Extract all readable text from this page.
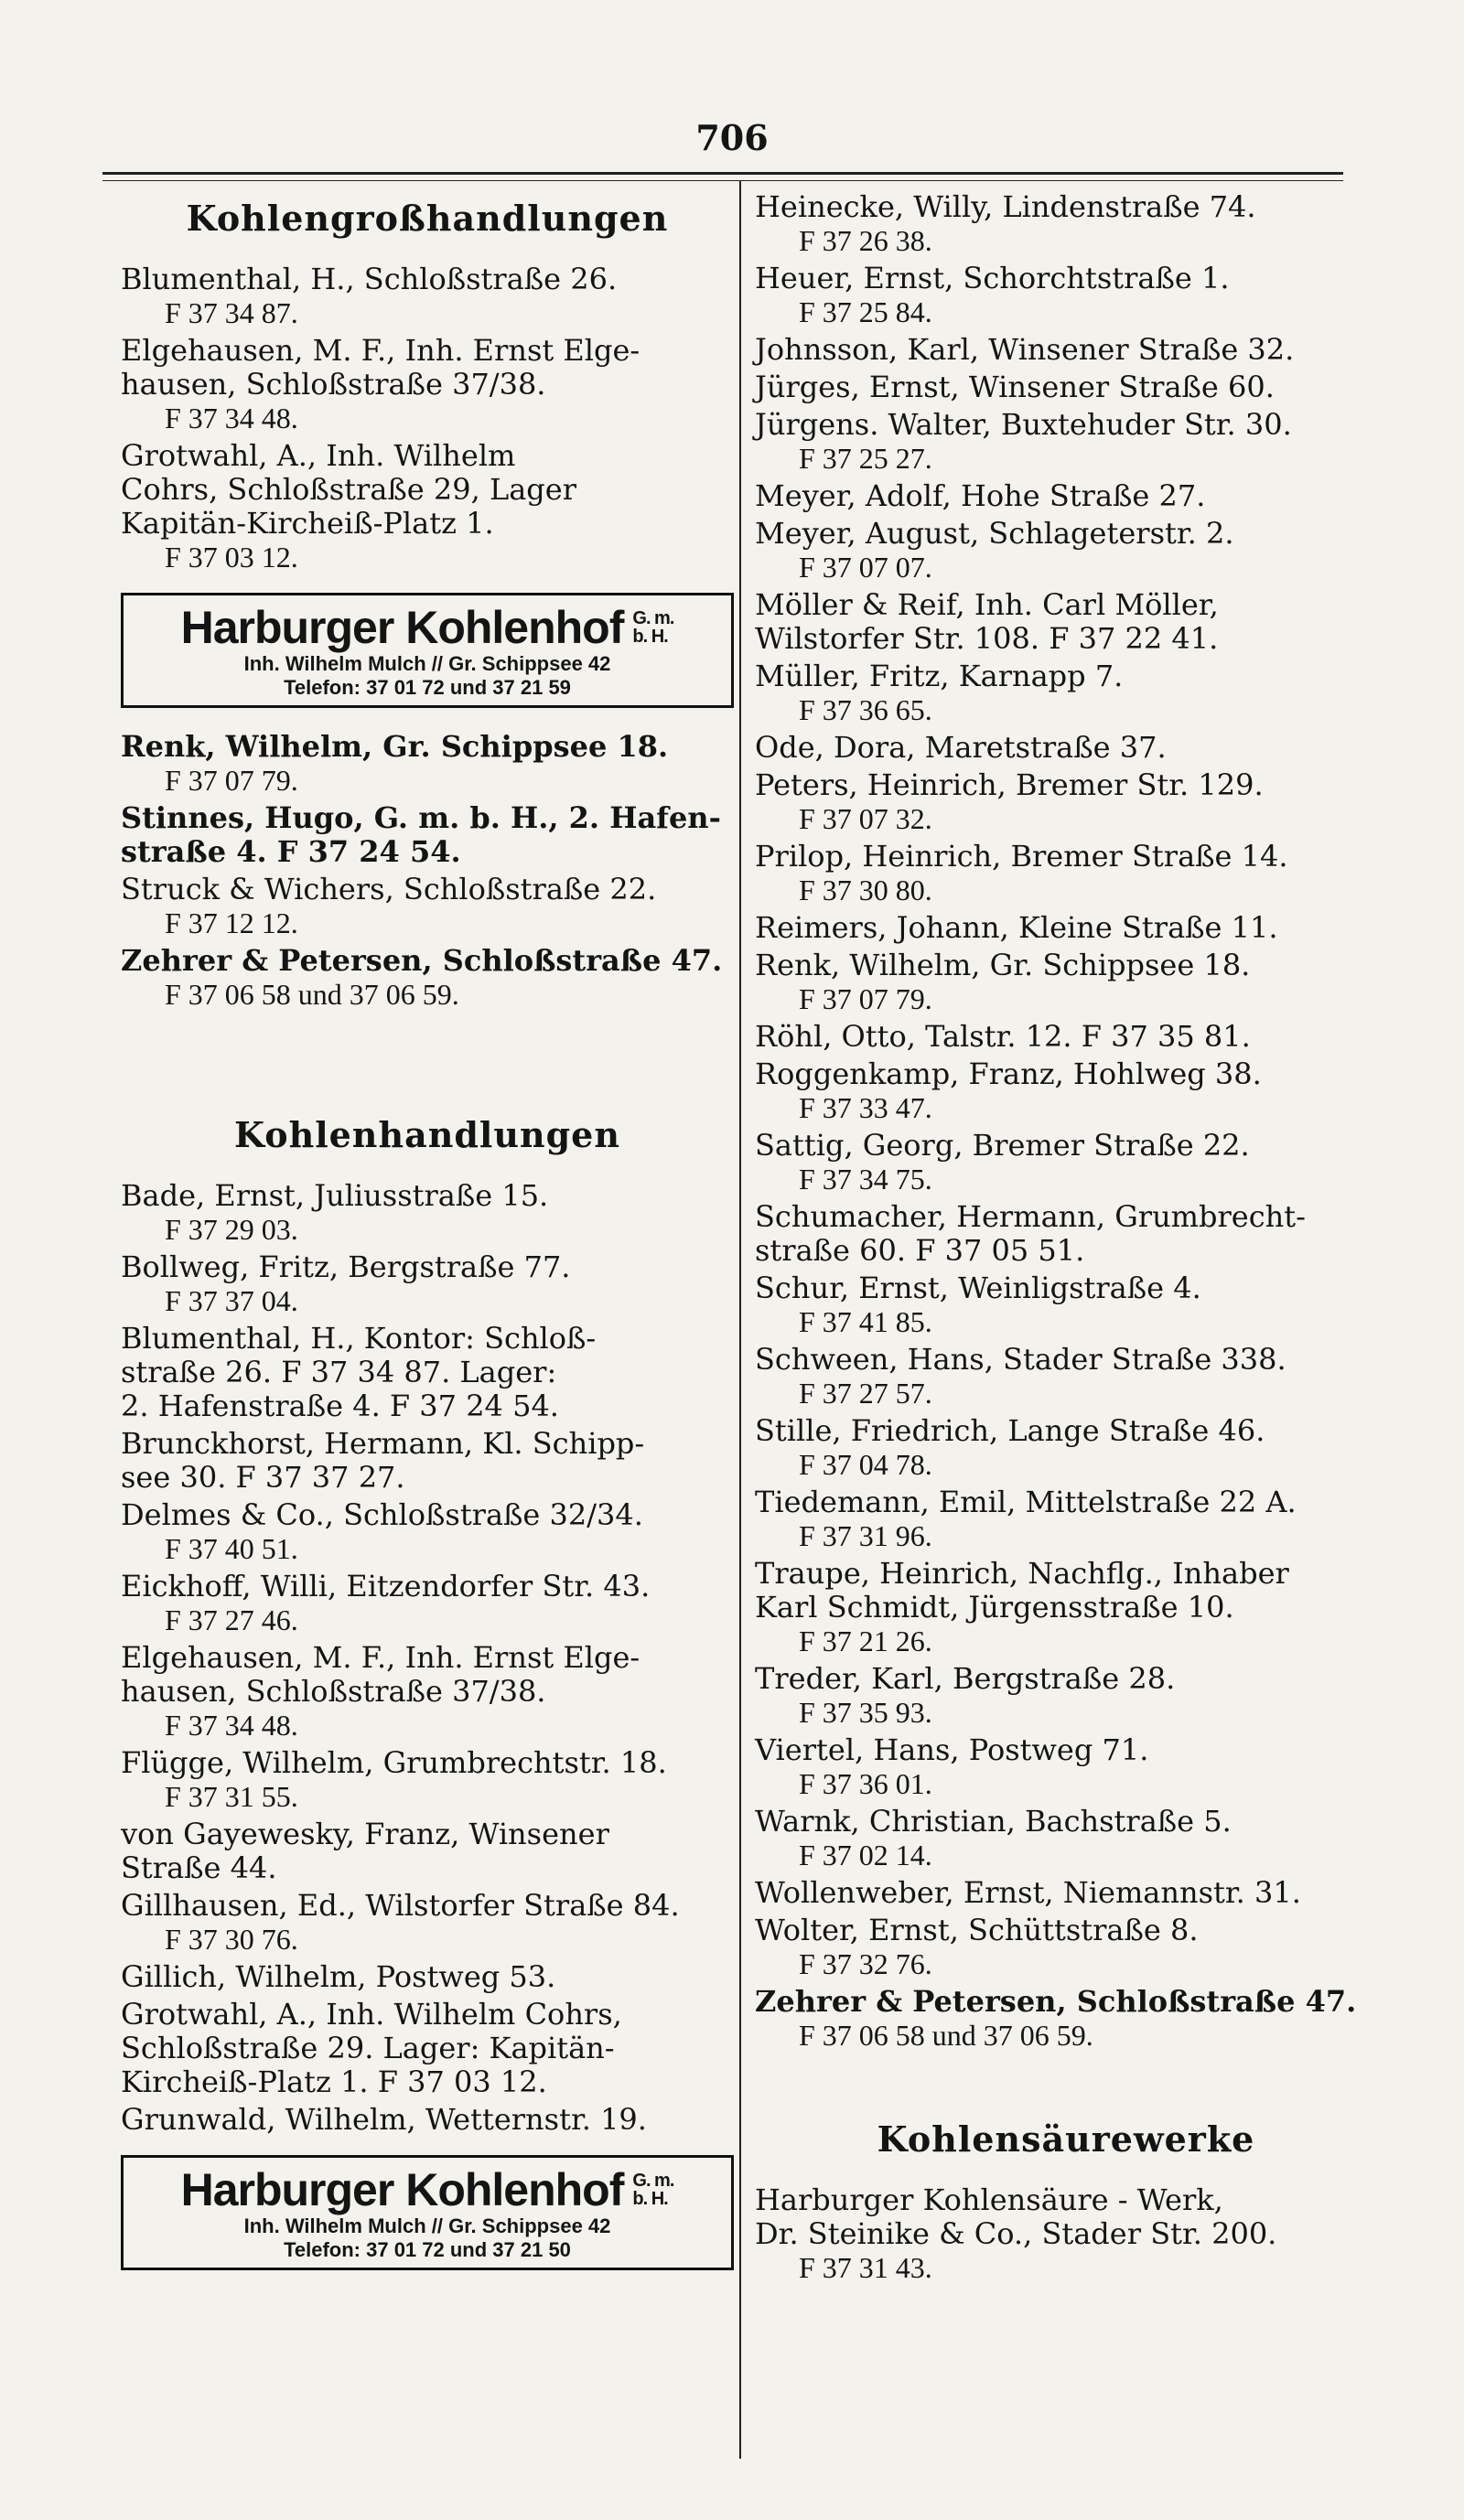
706
Kohlengroßhandlungen
Blumenthal, H., Schloßstraße 26.
F 37 34 87.
Elgehausen, M. F., Inh. Ernst Elge-
hausen, Schloßstraße 37/38.
F 37 34 48.
Grotwahl, A., Inh. Wilhelm
Cohrs, Schloßstraße 29, Lager
Kapitän-Kircheiß-Platz 1.
F 37 03 12.
Harburger Kohlenhof G. m.
b. H.
Inh. Wilhelm Mulch // Gr. Schippsee 42
Telefon: 37 01 72 und 37 21 59
Renk, Wilhelm, Gr. Schippsee 18.
F 37 07 79.
Stinnes, Hugo, G. m. b. H., 2. Hafen-
straße 4. F 37 24 54.
Struck & Wichers, Schloßstraße 22.
F 37 12 12.
Zehrer & Petersen, Schloßstraße 47.
F 37 06 58 und 37 06 59.
Kohlenhandlungen
Bade, Ernst, Juliusstraße 15.
F 37 29 03.
Bollweg, Fritz, Bergstraße 77.
F 37 37 04.
Blumenthal, H., Kontor: Schloß-
straße 26. F 37 34 87. Lager:
2. Hafenstraße 4. F 37 24 54.
Brunckhorst, Hermann, Kl. Schipp-
see 30. F 37 37 27.
Delmes & Co., Schloßstraße 32/34.
F 37 40 51.
Eickhoff, Willi, Eitzendorfer Str. 43.
F 37 27 46.
Elgehausen, M. F., Inh. Ernst Elge-
hausen, Schloßstraße 37/38.
F 37 34 48.
Flügge, Wilhelm, Grumbrechtstr. 18.
F 37 31 55.
von Gayewesky, Franz, Winsener
Straße 44.
Gillhausen, Ed., Wilstorfer Straße 84.
F 37 30 76.
Gillich, Wilhelm, Postweg 53.
Grotwahl, A., Inh. Wilhelm Cohrs,
Schloßstraße 29. Lager: Kapitän-
Kircheiß-Platz 1. F 37 03 12.
Grunwald, Wilhelm, Wetternstr. 19.
Harburger Kohlenhof G. m.
b. H.
Inh. Wilhelm Mulch // Gr. Schippsee 42
Telefon: 37 01 72 und 37 21 50
Heinecke, Willy, Lindenstraße 74.
F 37 26 38.
Heuer, Ernst, Schorchtstraße 1.
F 37 25 84.
Johnsson, Karl, Winsener Straße 32.
Jürges, Ernst, Winsener Straße 60.
Jürgens. Walter, Buxtehuder Str. 30.
F 37 25 27.
Meyer, Adolf, Hohe Straße 27.
Meyer, August, Schlageterstr. 2.
F 37 07 07.
Möller & Reif, Inh. Carl Möller,
Wilstorfer Str. 108. F 37 22 41.
Müller, Fritz, Karnapp 7.
F 37 36 65.
Ode, Dora, Maretstraße 37.
Peters, Heinrich, Bremer Str. 129.
F 37 07 32.
Prilop, Heinrich, Bremer Straße 14.
F 37 30 80.
Reimers, Johann, Kleine Straße 11.
Renk, Wilhelm, Gr. Schippsee 18.
F 37 07 79.
Röhl, Otto, Talstr. 12. F 37 35 81.
Roggenkamp, Franz, Hohlweg 38.
F 37 33 47.
Sattig, Georg, Bremer Straße 22.
F 37 34 75.
Schumacher, Hermann, Grumbrecht-
straße 60. F 37 05 51.
Schur, Ernst, Weinligstraße 4.
F 37 41 85.
Schween, Hans, Stader Straße 338.
F 37 27 57.
Stille, Friedrich, Lange Straße 46.
F 37 04 78.
Tiedemann, Emil, Mittelstraße 22 A.
F 37 31 96.
Traupe, Heinrich, Nachflg., Inhaber
Karl Schmidt, Jürgensstraße 10.
F 37 21 26.
Treder, Karl, Bergstraße 28.
F 37 35 93.
Viertel, Hans, Postweg 71.
F 37 36 01.
Warnk, Christian, Bachstraße 5.
F 37 02 14.
Wollenweber, Ernst, Niemannstr. 31.
Wolter, Ernst, Schüttstraße 8.
F 37 32 76.
Zehrer & Petersen, Schloßstraße 47.
F 37 06 58 und 37 06 59.
Kohlensäurewerke
Harburger Kohlensäure - Werk,
Dr. Steinike & Co., Stader Str. 200.
F 37 31 43.
